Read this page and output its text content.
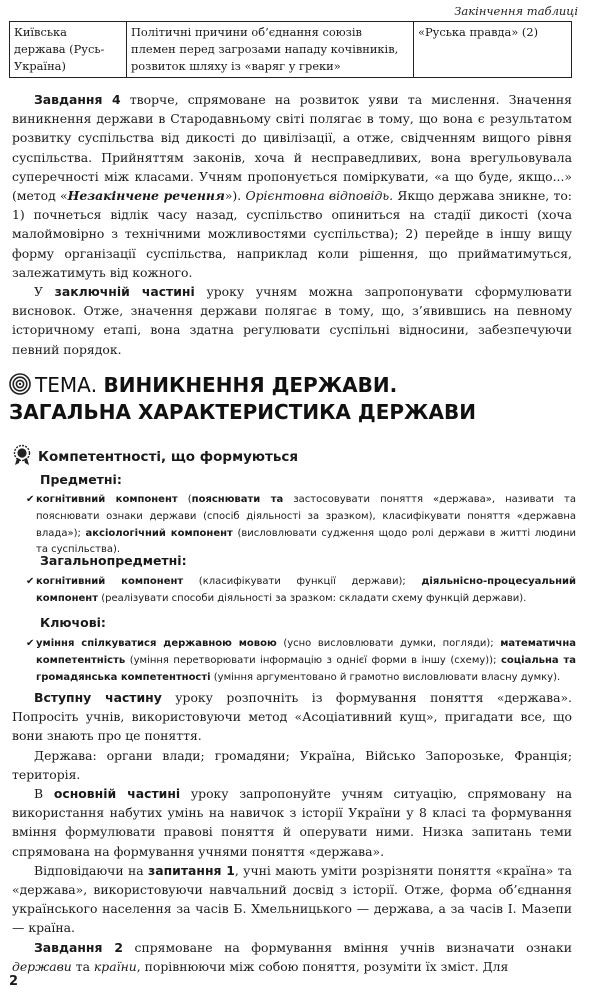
Закінчення таблиці
Київська держава (Русь-Україна)	Політичні причини об’єднання союзів племен перед загрозами нападу кочівників, розвиток шляху із «варяг у греки»	«Руська правда» (2)

Завдання 4 творче, спрямоване на розвиток уяви та мислення. Значення виникнення держави в Стародавньому світі полягає в тому, що вона є результатом розвитку суспільства від дикості до цивілізації, а отже, свідченням вищого рівня суспільства. Прийняттям законів, хоча й несправедливих, вона врегульовувала суперечності між класами. Учням пропонується поміркувати, «а що буде, якщо...» (метод «Незакінчене речення»). Орієнтовна відповідь. Якщо держава зникне, то: 1) почнеться відлік часу назад, суспільство опиниться на стадії дикості (хоча малоймовірно з технічними можливостями суспільства); 2) перейде в іншу вищу форму організації суспільства, наприклад коли рішення, що прийматимуться, залежатимуть від кожного.

У заключній частині уроку учням можна запропонувати сформулювати висновок. Отже, значення держави полягає в тому, що, з’явившись на певному історичному етапі, вона здатна регулювати суспільні відносини, забезпечуючи певний порядок.

ТЕМА. ВИНИКНЕННЯ ДЕРЖАВИ.
ЗАГАЛЬНА ХАРАКТЕРИСТИКА ДЕРЖАВИ
Компетентності, що формуються
Предметні:
✔ когнітивний компонент (пояснювати та застосовувати поняття «держава», називати та пояснювати ознаки держави (спосіб діяльності за зразком), класифікувати поняття «державна влада»); аксіологічний компонент (висловлювати судження щодо ролі держави в житті людини та суспільства).
Загальнопредметні:
✔ когнітивний компонент (класифікувати функції держави); діяльнісно-процесуальний компонент (реалізувати способи діяльності за зразком: складати схему функцій держави).
Ключові:
✔ уміння спілкуватися державною мовою (усно висловлювати думки, погляди); математична компетентність (уміння перетворювати інформацію з однієї форми в іншу (схему)); соціальна та громадянська компетентності (уміння аргументовано й грамотно висловлювати власну думку).

Вступну частину уроку розпочніть із формування поняття «держава». Попросіть учнів, використовуючи метод «Асоціативний кущ», пригадати все, що вони знають про це поняття.

Держава: органи влади; громадяни; Україна, Військо Запорозьке, Франція; територія.

В основній частині уроку запропонуйте учням ситуацію, спрямовану на використання набутих умінь на навичок з історії України у 8 класі та формування вміння формулювати правові поняття й оперувати ними. Низка запитань теми спрямована на формування учнями поняття «держава».

Відповідаючи на запитання 1, учні мають уміти розрізняти поняття «країна» та «держава», використовуючи навчальний досвід з історії. Отже, форма об’єднання українського населення за часів Б. Хмельницького — держава, а за часів І. Мазепи — країна.

Завдання 2 спрямоване на формування вміння учнів визначати ознаки держави та країни, порівнюючи між собою поняття, розуміти їх зміст. Для

2
